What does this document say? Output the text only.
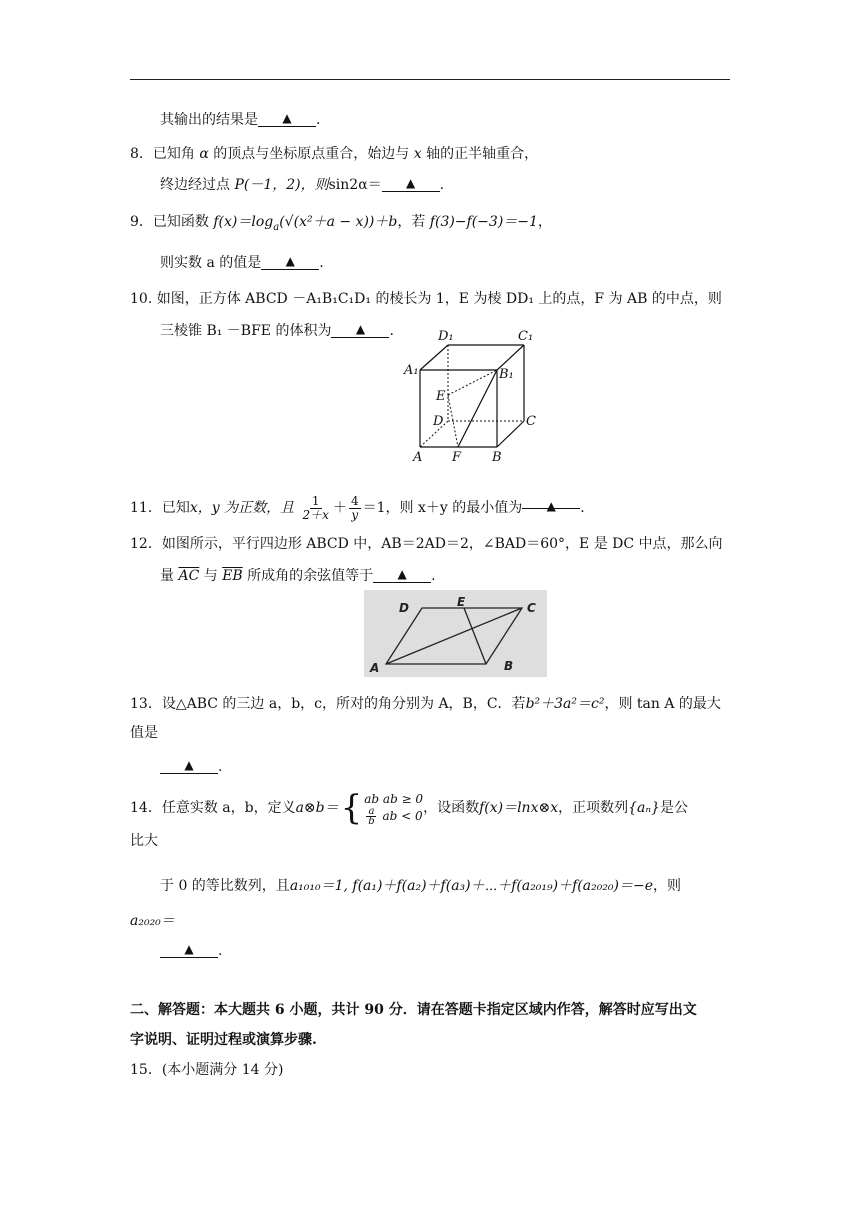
其输出的结果是 ▲ .
8．已知角 α 的顶点与坐标原点重合，始边与 x 轴的正半轴重合，
终边经过点 P(－1，2)，则sin2α＝ ▲ .
9．已知函数 $f(x)=\log_a(√(x^2+a - x))+b$，若 f(3)−f(−3)＝−1，
则实数 a 的值是 ▲ .
10. 如图，正方体 ABCD －A₁B₁C₁D₁ 的棱长为 1，E 为棱 DD₁ 上的点，F 为 AB 的中点，则
三棱锥 B₁ －BFE 的体积为 ▲ .	D₁	C₁
A₁	B₁
E
D	C
A F B
11．已知x，y 为正数，且 $\frac{1}{2+x} + \frac{4}{y} =1$，则 x＋y 的最小值为 ▲ .
12．如图所示，平行四边形 ABCD 中，AB＝2AD＝2，∠BAD＝60°，E 是 DC 中点，那么向
量 $\overline{AC}$ 与 $\overline{EB}$ 所成角的余弦值等于 ▲ .
D	E	C
A	B
13．设△ABC 的三边 a，b，c，所对的角分别为 A，B，C．若b²＋3a²＝c²，则 tan A 的最大
值是
▲ .
14．任意实数 a，b，定义a⊗b＝ { ab ab ≥ 0
$\frac{a}{b}$ ab < 0 ，设函数f(x)＝lnx⊗x，正项数列{aₙ}是公
比大
于 0 的等比数列，且a₁₀₁₀＝1, f(a₁)＋f(a₂)＋f(a₃)＋⋯＋f(a₂₀₁₉)＋f(a₂₀₂₀)＝−e，则
a₂₀₂₀＝
▲ .
二、解答题：本大题共 6 小题，共计 90 分．请在答题卡指定区域内作答，解答时应写出文
字说明、证明过程或演算步骤.
15．(本小题满分 14 分)
